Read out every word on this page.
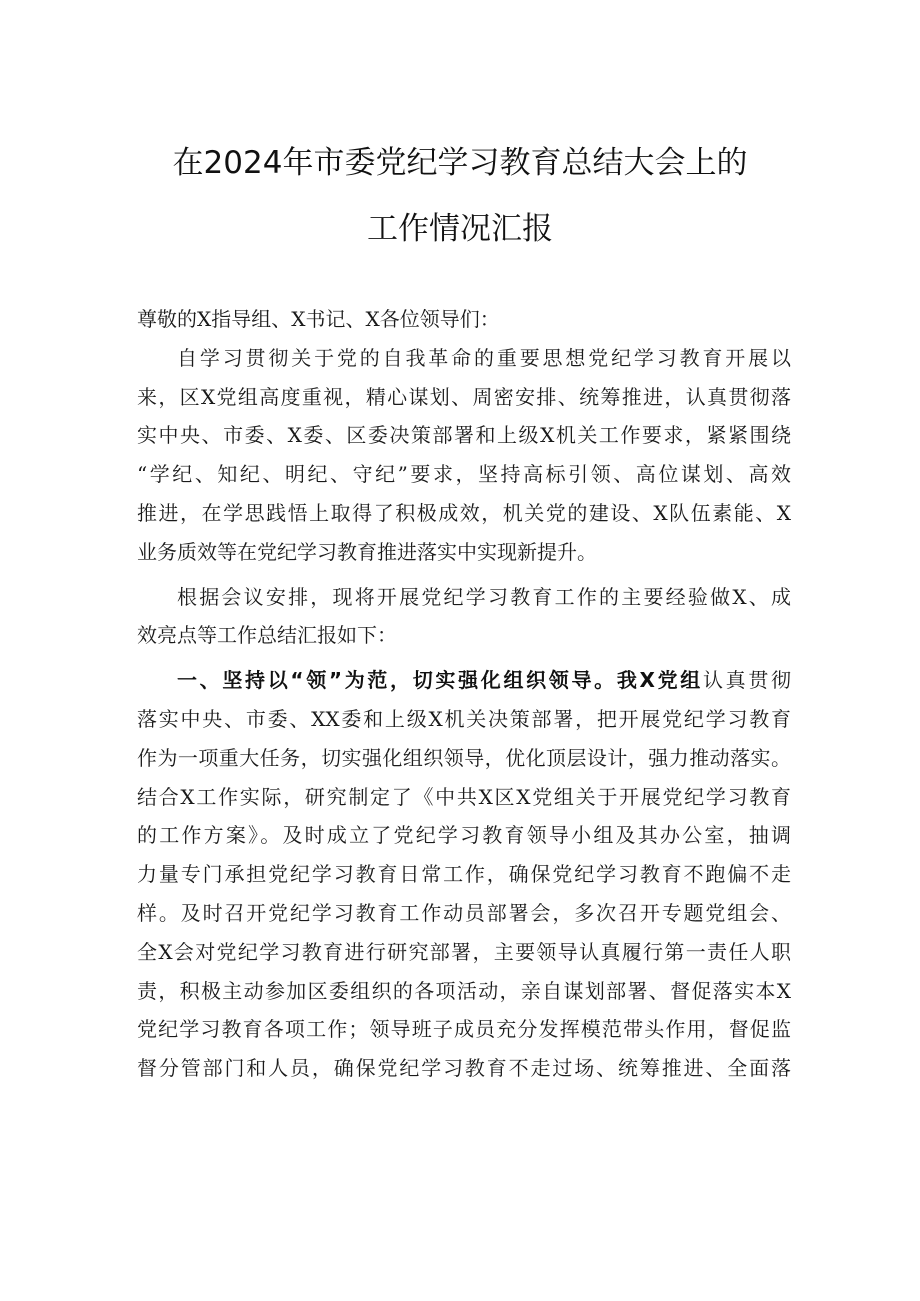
在2024年市委党纪学习教育总结大会上的
工作情况汇报
尊敬的X指导组、X书记、X各位领导们：
自学习贯彻关于党的自我革命的重要思想党纪学习教育开展以
来，区X党组高度重视，精心谋划、周密安排、统筹推进，认真贯彻落
实中央、市委、X委、区委决策部署和上级X机关工作要求，紧紧围绕
“学纪、知纪、明纪、守纪”要求，坚持高标引领、高位谋划、高效
推进，在学思践悟上取得了积极成效，机关党的建设、X队伍素能、X
业务质效等在党纪学习教育推进落实中实现新提升。
根据会议安排，现将开展党纪学习教育工作的主要经验做X、成
效亮点等工作总结汇报如下：
一、坚持以“领”为范，切实强化组织领导。我X党组认真贯彻
落实中央、市委、XX委和上级X机关决策部署，把开展党纪学习教育
作为一项重大任务，切实强化组织领导，优化顶层设计，强力推动落实。
结合X工作实际，研究制定了《中共X区X党组关于开展党纪学习教育
的工作方案》。及时成立了党纪学习教育领导小组及其办公室，抽调
力量专门承担党纪学习教育日常工作，确保党纪学习教育不跑偏不走
样。及时召开党纪学习教育工作动员部署会，多次召开专题党组会、
全X会对党纪学习教育进行研究部署，主要领导认真履行第一责任人职
责，积极主动参加区委组织的各项活动，亲自谋划部署、督促落实本X
党纪学习教育各项工作；领导班子成员充分发挥模范带头作用，督促监
督分管部门和人员，确保党纪学习教育不走过场、统筹推进、全面落
